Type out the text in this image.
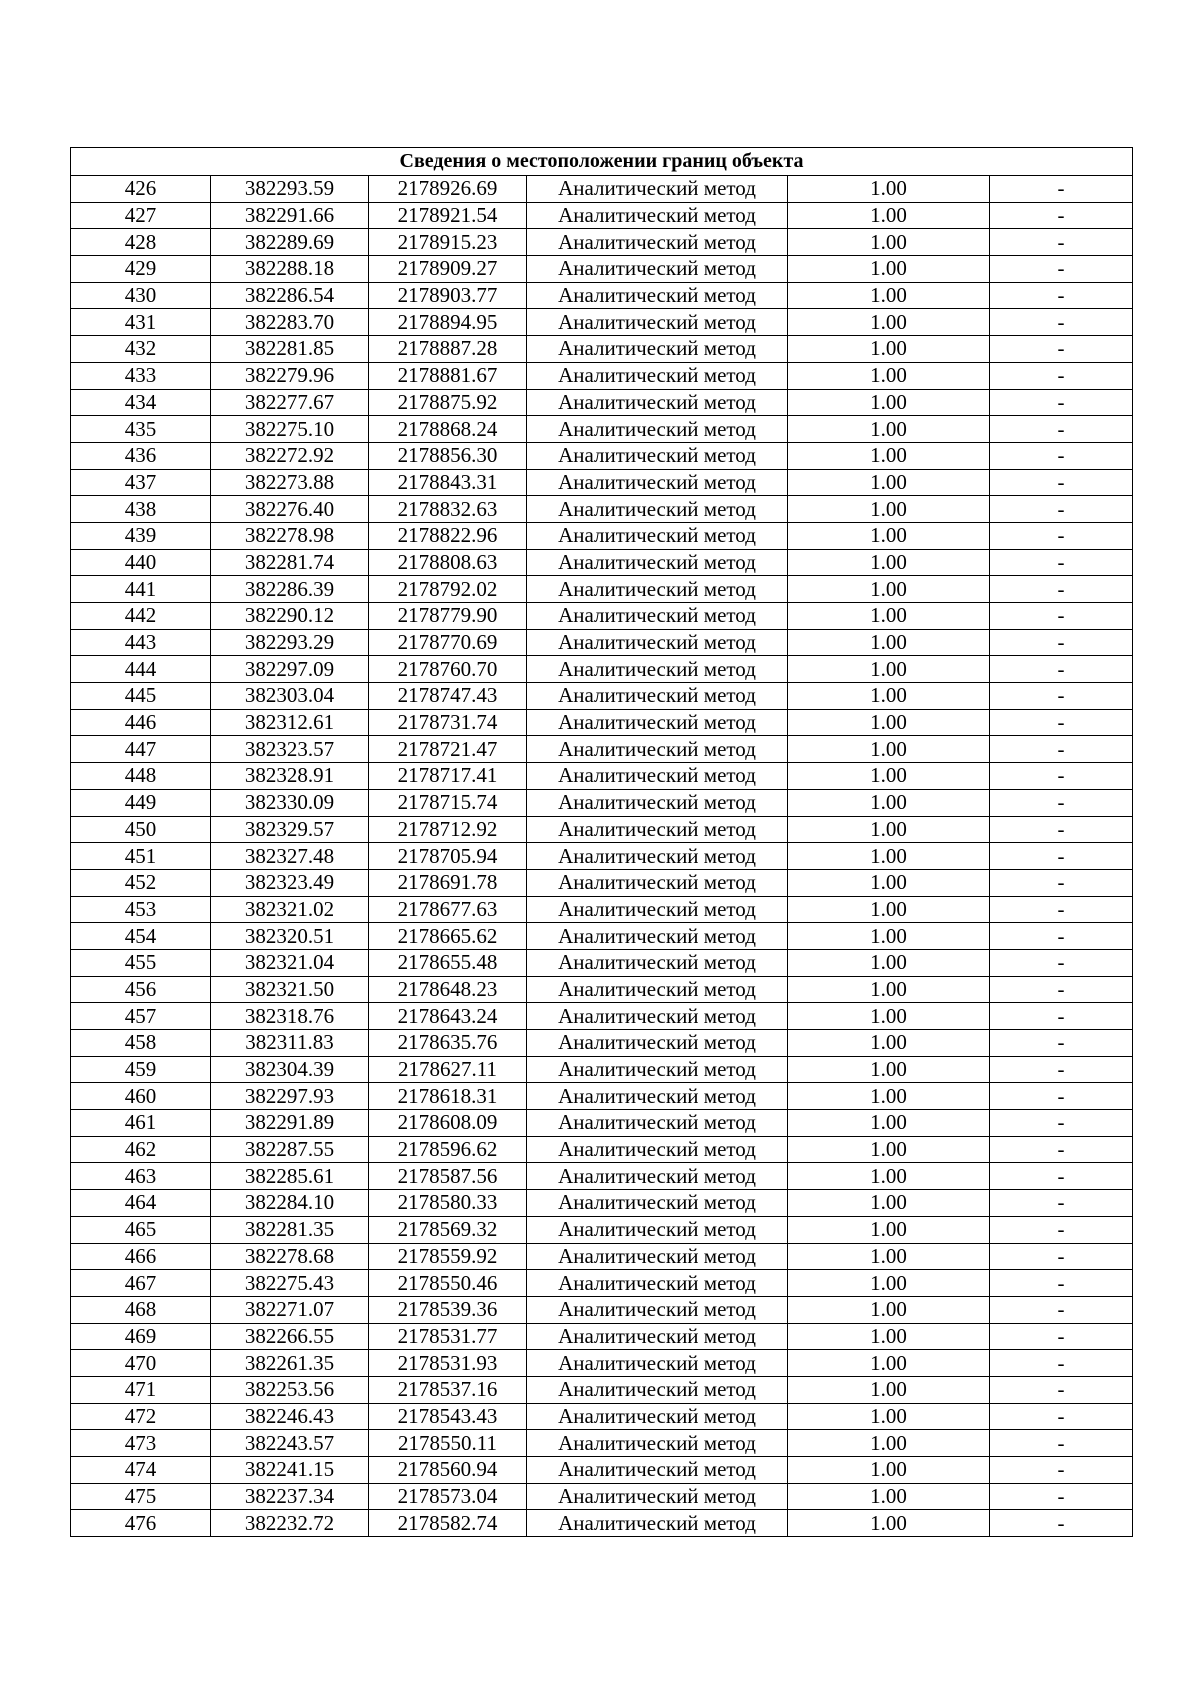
Сведения о местоположении границ объекта					
426	382293.59	2178926.69	Аналитический метод	1.00	-
427	382291.66	2178921.54	Аналитический метод	1.00	-
428	382289.69	2178915.23	Аналитический метод	1.00	-
429	382288.18	2178909.27	Аналитический метод	1.00	-
430	382286.54	2178903.77	Аналитический метод	1.00	-
431	382283.70	2178894.95	Аналитический метод	1.00	-
432	382281.85	2178887.28	Аналитический метод	1.00	-
433	382279.96	2178881.67	Аналитический метод	1.00	-
434	382277.67	2178875.92	Аналитический метод	1.00	-
435	382275.10	2178868.24	Аналитический метод	1.00	-
436	382272.92	2178856.30	Аналитический метод	1.00	-
437	382273.88	2178843.31	Аналитический метод	1.00	-
438	382276.40	2178832.63	Аналитический метод	1.00	-
439	382278.98	2178822.96	Аналитический метод	1.00	-
440	382281.74	2178808.63	Аналитический метод	1.00	-
441	382286.39	2178792.02	Аналитический метод	1.00	-
442	382290.12	2178779.90	Аналитический метод	1.00	-
443	382293.29	2178770.69	Аналитический метод	1.00	-
444	382297.09	2178760.70	Аналитический метод	1.00	-
445	382303.04	2178747.43	Аналитический метод	1.00	-
446	382312.61	2178731.74	Аналитический метод	1.00	-
447	382323.57	2178721.47	Аналитический метод	1.00	-
448	382328.91	2178717.41	Аналитический метод	1.00	-
449	382330.09	2178715.74	Аналитический метод	1.00	-
450	382329.57	2178712.92	Аналитический метод	1.00	-
451	382327.48	2178705.94	Аналитический метод	1.00	-
452	382323.49	2178691.78	Аналитический метод	1.00	-
453	382321.02	2178677.63	Аналитический метод	1.00	-
454	382320.51	2178665.62	Аналитический метод	1.00	-
455	382321.04	2178655.48	Аналитический метод	1.00	-
456	382321.50	2178648.23	Аналитический метод	1.00	-
457	382318.76	2178643.24	Аналитический метод	1.00	-
458	382311.83	2178635.76	Аналитический метод	1.00	-
459	382304.39	2178627.11	Аналитический метод	1.00	-
460	382297.93	2178618.31	Аналитический метод	1.00	-
461	382291.89	2178608.09	Аналитический метод	1.00	-
462	382287.55	2178596.62	Аналитический метод	1.00	-
463	382285.61	2178587.56	Аналитический метод	1.00	-
464	382284.10	2178580.33	Аналитический метод	1.00	-
465	382281.35	2178569.32	Аналитический метод	1.00	-
466	382278.68	2178559.92	Аналитический метод	1.00	-
467	382275.43	2178550.46	Аналитический метод	1.00	-
468	382271.07	2178539.36	Аналитический метод	1.00	-
469	382266.55	2178531.77	Аналитический метод	1.00	-
470	382261.35	2178531.93	Аналитический метод	1.00	-
471	382253.56	2178537.16	Аналитический метод	1.00	-
472	382246.43	2178543.43	Аналитический метод	1.00	-
473	382243.57	2178550.11	Аналитический метод	1.00	-
474	382241.15	2178560.94	Аналитический метод	1.00	-
475	382237.34	2178573.04	Аналитический метод	1.00	-
476	382232.72	2178582.74	Аналитический метод	1.00	-
